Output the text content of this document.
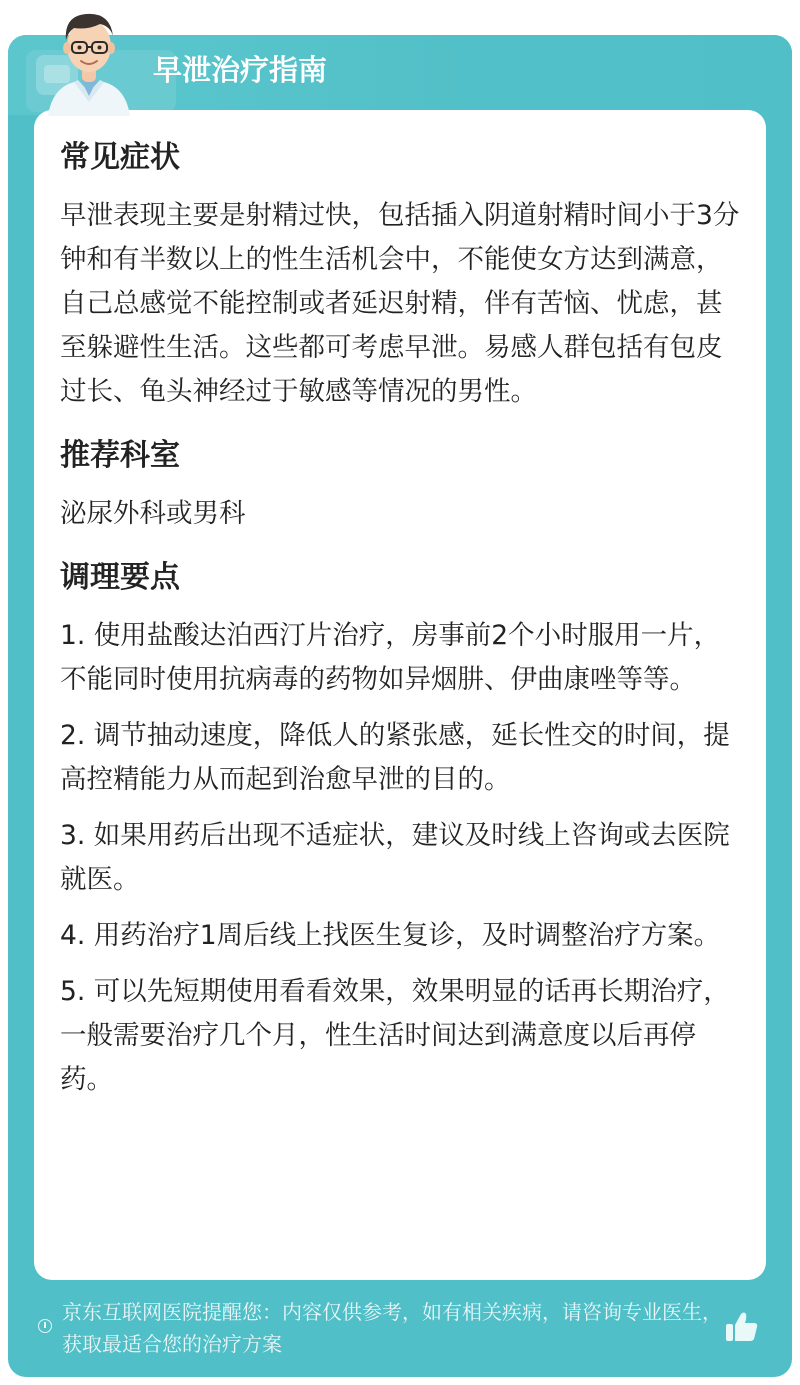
早泄治疗指南
常见症状

早泄表现主要是射精过快，包括插入阴道射精时间小于3分钟和有半数以上的性生活机会中，不能使女方达到满意，自己总感觉不能控制或者延迟射精，伴有苦恼、忧虑，甚至躲避性生活。这些都可考虑早泄。易感人群包括有包皮过长、龟头神经过于敏感等情况的男性。

推荐科室

泌尿外科或男科

调理要点

1. 使用盐酸达泊西汀片治疗，房事前2个小时服用一片，不能同时使用抗病毒的药物如异烟肼、伊曲康唑等等。

2. 调节抽动速度，降低人的紧张感，延长性交的时间，提高控精能力从而起到治愈早泄的目的。

3. 如果用药后出现不适症状，建议及时线上咨询或去医院就医。

4. 用药治疗1周后线上找医生复诊，及时调整治疗方案。

5. 可以先短期使用看看效果，效果明显的话再长期治疗，一般需要治疗几个月，性生活时间达到满意度以后再停药。

京东互联网医院提醒您：内容仅供参考，如有相关疾病，请咨询专业医生，获取最适合您的治疗方案
